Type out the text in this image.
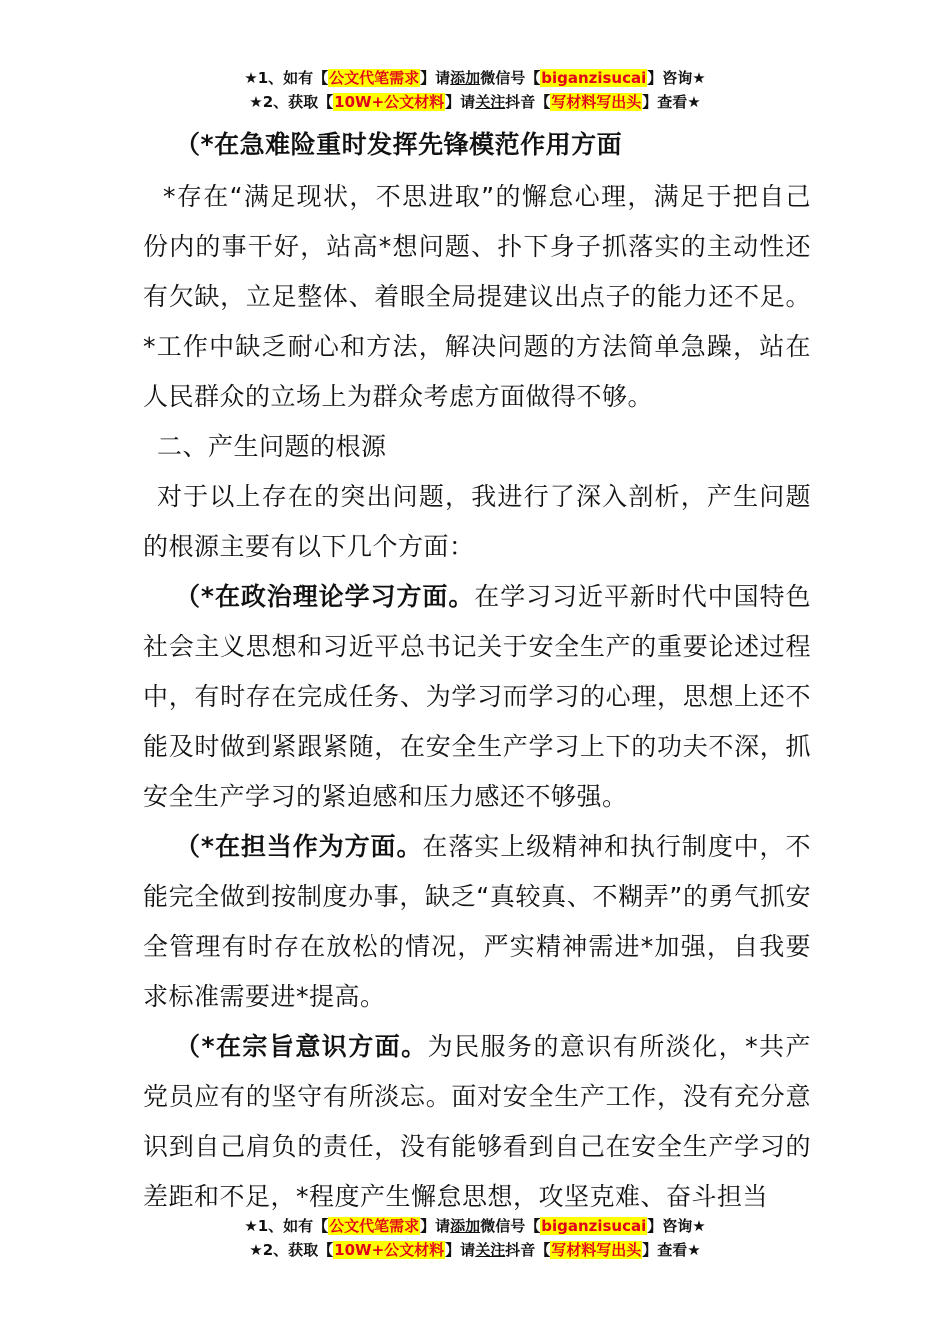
★1、如有【公文代笔需求】请添加微信号【biganzisucai】咨询★
★2、获取【10W+公文材料】请关注抖音【写材料写出头】查看★

（*在急难险重时发挥先锋模范作用方面

*存在“满足现状，不思进取”的懈怠心理，满足于把自己份内的事干好，站高*想问题、扑下身子抓落实的主动性还有欠缺，立足整体、着眼全局提建议出点子的能力还不足。*工作中缺乏耐心和方法，解决问题的方法简单急躁，站在人民群众的立场上为群众考虑方面做得不够。

二、产生问题的根源

对于以上存在的突出问题，我进行了深入剖析，产生问题的根源主要有以下几个方面：

（*在政治理论学习方面。在学习习近平新时代中国特色社会主义思想和习近平总书记关于安全生产的重要论述过程中，有时存在完成任务、为学习而学习的心理，思想上还不能及时做到紧跟紧随，在安全生产学习上下的功夫不深，抓安全生产学习的紧迫感和压力感还不够强。

（*在担当作为方面。在落实上级精神和执行制度中，不能完全做到按制度办事，缺乏“真较真、不糊弄”的勇气抓安全管理有时存在放松的情况，严实精神需进*加强，自我要求标准需要进*提高。

（*在宗旨意识方面。为民服务的意识有所淡化，*共产党员应有的坚守有所淡忘。面对安全生产工作，没有充分意识到自己肩负的责任，没有能够看到自己在安全生产学习的差距和不足，*程度产生懈怠思想，攻坚克难、奋斗担当

★1、如有【公文代笔需求】请添加微信号【biganzisucai】咨询★
★2、获取【10W+公文材料】请关注抖音【写材料写出头】查看★
